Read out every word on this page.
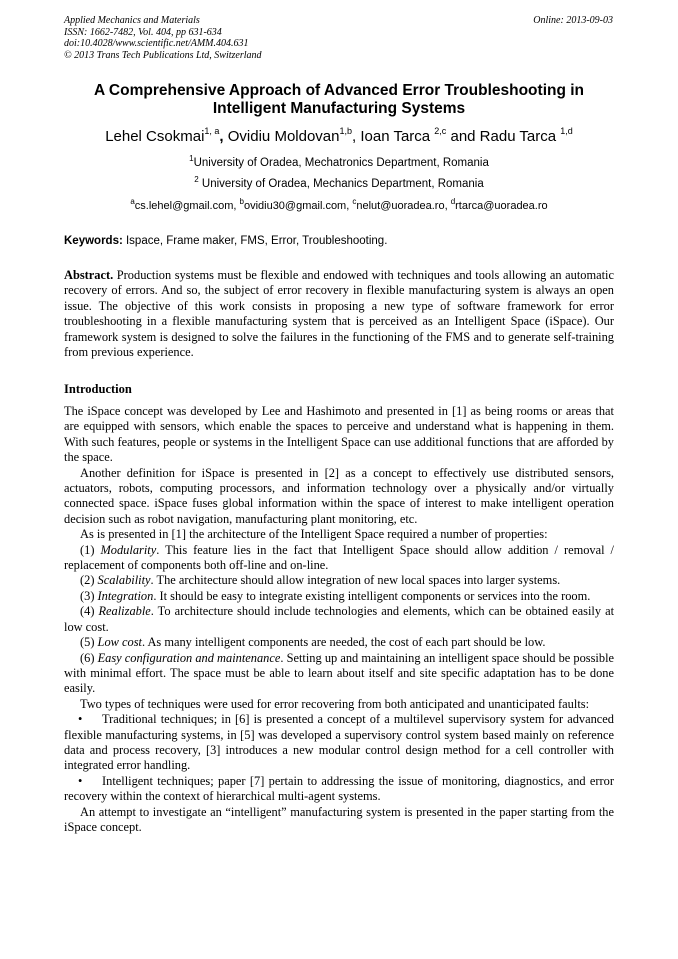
Applied Mechanics and Materials
ISSN: 1662-7482, Vol. 404, pp 631-634
doi:10.4028/www.scientific.net/AMM.404.631
© 2013 Trans Tech Publications Ltd, Switzerland
Online: 2013-09-03
A Comprehensive Approach of Advanced Error Troubleshooting in
Intelligent Manufacturing Systems
Lehel Csokmai$^{1, a}$, Ovidiu Moldovan$^{1,b}$, Ioan Tarca $^{2,c}$ and Radu Tarca $^{1,d}$
$^1$University of Oradea, Mechatronics Department, Romania
$^2$ University of Oradea, Mechanics Department, Romania
$^a$cs.lehel@gmail.com, $^b$ovidiu30@gmail.com, $^c$nelut@uoradea.ro, $^d$rtarca@uoradea.ro
Keywords: Ispace, Frame maker, FMS, Error, Troubleshooting.
Abstract. Production systems must be flexible and endowed with techniques and tools allowing an automatic recovery of errors. And so, the subject of error recovery in flexible manufacturing system is always an open issue. The objective of this work consists in proposing a new type of software framework for error troubleshooting in a flexible manufacturing system that is perceived as an Intelligent Space (iSpace). Our framework system is designed to solve the failures in the functioning of the FMS and to generate self-training from previous experience.
Introduction

The iSpace concept was developed by Lee and Hashimoto and presented in [1] as being rooms or areas that are equipped with sensors, which enable the spaces to perceive and understand what is happening in them. With such features, people or systems in the Intelligent Space can use additional functions that are afforded by the space.

Another definition for iSpace is presented in [2] as a concept to effectively use distributed sensors, actuators, robots, computing processors, and information technology over a physically and/or virtually connected space. iSpace fuses global information within the space of interest to make intelligent operation decision such as robot navigation, manufacturing plant monitoring, etc.

As is presented in [1] the architecture of the Intelligent Space required a number of properties:

(1) Modularity. This feature lies in the fact that Intelligent Space should allow addition / removal / replacement of components both off-line and on-line.

(2) Scalability. The architecture should allow integration of new local spaces into larger systems.

(3) Integration. It should be easy to integrate existing intelligent components or services into the room.

(4) Realizable. To architecture should include technologies and elements, which can be obtained easily at low cost.

(5) Low cost. As many intelligent components are needed, the cost of each part should be low.

(6) Easy configuration and maintenance. Setting up and maintaining an intelligent space should be possible with minimal effort. The space must be able to learn about itself and site specific adaptation has to be done easily.

Two types of techniques were used for error recovering from both anticipated and unanticipated faults:

• Traditional techniques; in [6] is presented a concept of a multilevel supervisory system for advanced flexible manufacturing systems, in [5] was developed a supervisory control system based mainly on reference data and process recovery, [3] introduces a new modular control design method for a cell controller with integrated error handling.

• Intelligent techniques; paper [7] pertain to addressing the issue of monitoring, diagnostics, and error recovery within the context of hierarchical multi-agent systems.

An attempt to investigate an “intelligent” manufacturing system is presented in the paper starting from the iSpace concept.
